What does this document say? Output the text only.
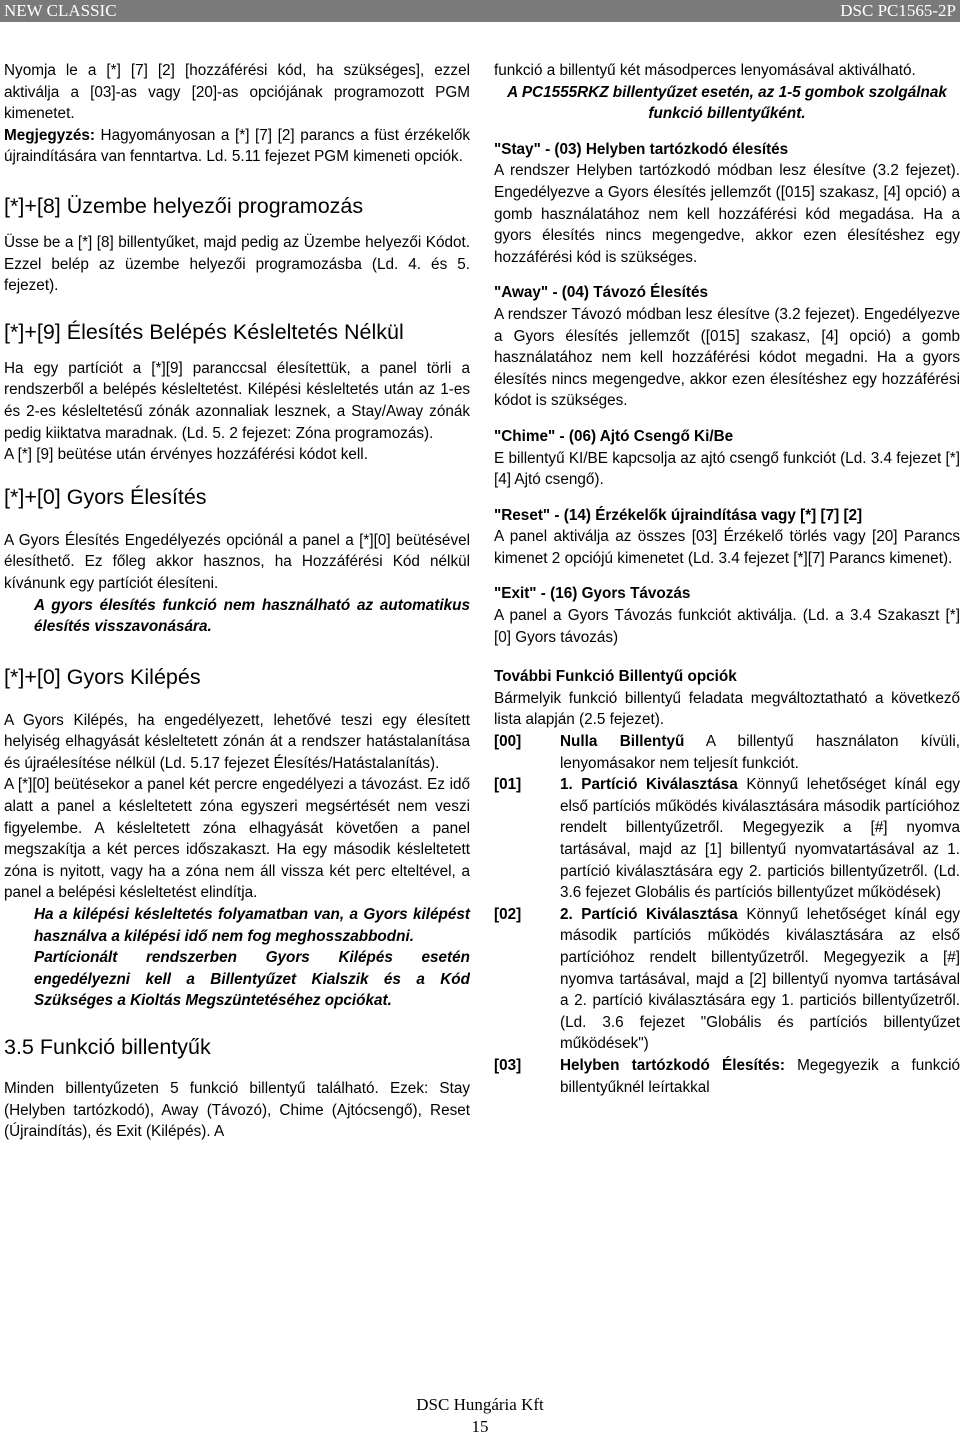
NEW CLASSIC	DSC PC1565-2P

Nyomja le a [*] [7] [2] [hozzáférési kód, ha szükséges], ezzel aktiválja a [03]-as vagy [20]-as opciójának programozott PGM kimenetet.

Megjegyzés: Hagyományosan a [*] [7] [2] parancs a füst érzékelők újraindítására van fenntartva. Ld. 5.11 fejezet PGM kimeneti opciók.

[*]+[8] Üzembe helyezői programozás

Üsse be a [*] [8] billentyűket, majd pedig az Üzembe helyezői Kódot. Ezzel belép az üzembe helyezői programozásba (Ld. 4. és 5. fejezet).

[*]+[9] Élesítés Belépés Késleltetés Nélkül

Ha egy partíciót a [*][9] paranccsal élesítettük, a panel törli a rendszerből a belépés késleltetést. Kilépési késleltetés után az 1-es és 2-es késleltetésű zónák azonnaliak lesznek, a Stay/Away zónák pedig kiiktatva maradnak. (Ld. 5. 2 fejezet: Zóna programozás).

A [*] [9] beütése után érvényes hozzáférési kódot kell.

[*]+[0] Gyors Élesítés

A Gyors Élesítés Engedélyezés opciónál a panel a [*][0] beütésével élesíthető. Ez főleg akkor hasznos, ha Hozzáférési Kód nélkül kívánunk egy partíciót élesíteni.

A gyors élesítés funkció nem használható az automatikus élesítés visszavonására.

[*]+[0] Gyors Kilépés

A Gyors Kilépés, ha engedélyezett, lehetővé teszi egy élesített helyiség elhagyását késleltetett zónán át a rendszer hatástalanítása és újraélesítése nélkül (Ld. 5.17 fejezet Élesítés/Hatástalanítás).

A [*][0] beütésekor a panel két percre engedélyezi a távozást. Ez idő alatt a panel a késleltetett zóna egyszeri megsértését nem veszi figyelembe. A késleltetett zóna elhagyását követően a panel megszakítja a két perces időszakaszt. Ha egy második késleltetett zóna is nyitott, vagy ha a zóna nem áll vissza két perc elteltével, a panel a belépési késleltetést elindítja.

Ha a kilépési késleltetés folyamatban van, a Gyors kilépést használva a kilépési idő nem fog meghosszabbodni.

Partícionált rendszerben Gyors Kilépés esetén engedélyezni kell a Billentyűzet Kialszik és a Kód Szükséges a Kioltás Megszüntetéséhez opciókat.

3.5 Funkció billentyűk

Minden billentyűzeten 5 funkció billentyű található. Ezek: Stay (Helyben tartózkodó), Away (Távozó), Chime (Ajtócsengő), Reset (Újraindítás), és Exit (Kilépés). A

funkció a billentyű két másodperces lenyomásával aktiválható.

A PC1555RKZ billentyűzet esetén, az 1-5 gombok szolgálnak funkció billentyűként.

"Stay" - (03) Helyben tartózkodó élesítés

A rendszer Helyben tartózkodó módban lesz élesítve (3.2 fejezet). Engedélyezve a Gyors élesítés jellemzőt ([015] szakasz, [4] opció) a gomb használatához nem kell hozzáférési kód megadása. Ha a gyors élesítés nincs megengedve, akkor ezen élesítéshez egy hozzáférési kód is szükséges.

"Away" - (04) Távozó Élesítés

A rendszer Távozó módban lesz élesítve (3.2 fejezet). Engedélyezve a Gyors élesítés jellemzőt ([015] szakasz, [4] opció) a gomb használatához nem kell hozzáférési kódot megadni. Ha a gyors élesítés nincs megengedve, akkor ezen élesítéshez egy hozzáférési kódot is szükséges.

"Chime" - (06) Ajtó Csengő Ki/Be

E billentyű KI/BE kapcsolja az ajtó csengő funkciót (Ld. 3.4 fejezet [*] [4] Ajtó csengő).

"Reset" - (14) Érzékelők újraindítása vagy [*] [7] [2]

A panel aktiválja az összes [03] Érzékelő törlés vagy [20] Parancs kimenet 2 opciójú kimenetet (Ld. 3.4 fejezet [*][7] Parancs kimenet).

"Exit" - (16) Gyors Távozás

A panel a Gyors Távozás funkciót aktiválja. (Ld. a 3.4 Szakaszt [*] [0] Gyors távozás)

További Funkció Billentyű opciók

Bármelyik funkció billentyű feladata megváltoztatható a következő lista alapján (2.5 fejezet).

[00]	Nulla Billentyű A billentyű használaton kívüli, lenyomásakor nem teljesít funkciót.

[01]	1. Partíció Kiválasztása Könnyű lehetőséget kínál egy első partíciós működés kiválasztására második partícióhoz rendelt billentyűzetről. Megegyezik a [#] nyomva tartásával, majd az [1] billentyű nyomvatartásával az 1. partíció kiválasztására egy 2. particiós billentyűzetről. (Ld. 3.6 fejezet Globális és partíciós billentyűzet működések)

[02]	2. Partíció Kiválasztása Könnyű lehetőséget kínál egy második partíciós működés kiválasztására az első partícióhoz rendelt billentyűzetről. Megegyezik a [#] nyomva tartásával, majd a [2] billentyű nyomva tartásával a 2. partíció kiválasztására egy 1. particiós billentyűzetről. (Ld. 3.6 fejezet "Globális és partíciós billentyűzet működések")

[03]	Helyben tartózkodó Élesítés: Megegyezik a funkció billentyűknél leírtakkal

DSC Hungária Kft
15
